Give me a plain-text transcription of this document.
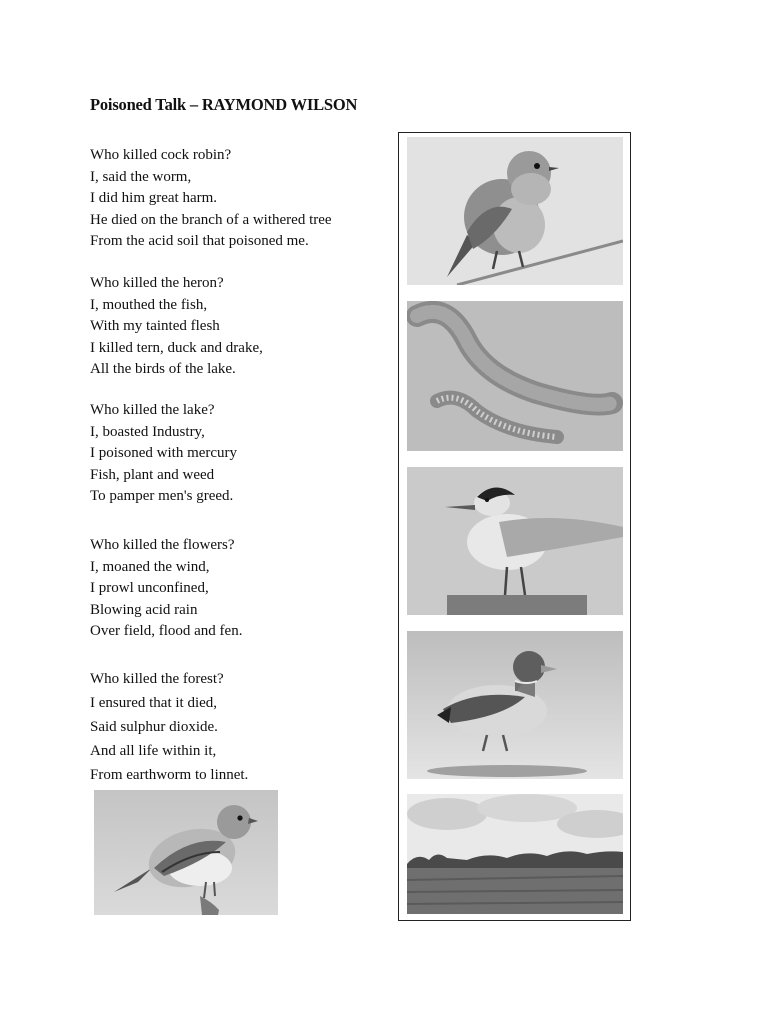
Poisoned Talk – RAYMOND WILSON
Who killed cock robin?
I, said the worm,
I did him great harm.
He died on the branch of a withered tree
From the acid soil that poisoned me.
Who killed the heron?
I, mouthed the fish,
With my tainted flesh
I killed tern, duck and drake,
All the birds of the lake.
Who killed the lake?
I, boasted Industry,
I poisoned with mercury
Fish, plant and weed
To pamper men's greed.
Who killed the flowers?
I, moaned the wind,
I prowl unconfined,
Blowing acid rain
Over field, flood and fen.
Who killed the forest?
I ensured that it died,
Said sulphur dioxide.
And all life within it,
From earthworm to linnet.
